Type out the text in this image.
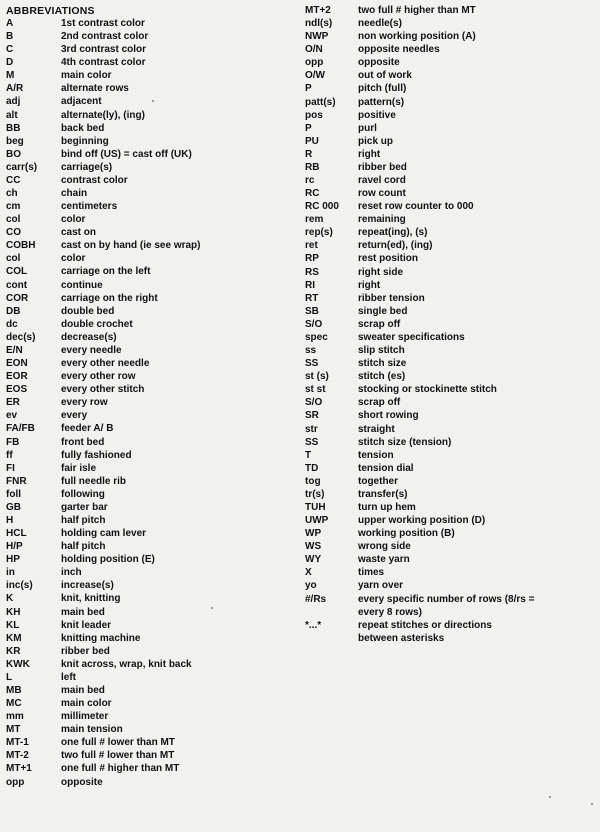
ABBREVIATIONS
A	1st contrast color
B	2nd contrast color
C	3rd contrast color
D	4th contrast color
M	main color
A/R	alternate rows
adj	adjacent
alt	alternate(ly), (ing)
BB	back bed
beg	beginning
BO	bind off (US) = cast off (UK)
carr(s)	carriage(s)
CC	contrast color
ch	chain
cm	centimeters
col	color
CO	cast on
COBH	cast on by hand (ie see wrap)
col	color
COL	carriage on the left
cont	continue
COR	carriage on the right
DB	double bed
dc	double crochet
dec(s)	decrease(s)
E/N	every needle
EON	every other needle
EOR	every other row
EOS	every other stitch
ER	every row
ev	every
FA/FB	feeder A/ B
FB	front bed
ff	fully fashioned
FI	fair isle
FNR	full needle rib
foll	following
GB	garter bar
H	half pitch
HCL	holding cam lever
H/P	half pitch
HP	holding position (E)
in	inch
inc(s)	increase(s)
K	knit, knitting
KH	main bed
KL	knit leader
KM	knitting machine
KR	ribber bed
KWK	knit across, wrap, knit back
L	left
MB	main bed
MC	main color
mm	millimeter
MT	main tension
MT-1	one full # lower than MT
MT-2	two full # lower than MT
MT+1	one full # higher than MT
opp	opposite
MT+2	two full # higher than MT
ndl(s)	needle(s)
NWP	non working position (A)
O/N	opposite needles
opp	opposite
O/W	out of work
P	pitch (full)
patt(s)	pattern(s)
pos	positive
P	purl
PU	pick up
R	right
RB	ribber bed
rc	ravel cord
RC	row count
RC 000	reset row counter to 000
rem	remaining
rep(s)	repeat(ing), (s)
ret	return(ed), (ing)
RP	rest position
RS	right side
RI	right
RT	ribber tension
SB	single bed
S/O	scrap off
spec	sweater specifications
ss	slip stitch
SS	stitch size
st (s)	stitch (es)
st st	stocking or stockinette stitch
S/O	scrap off
SR	short rowing
str	straight
SS	stitch size (tension)
T	tension
TD	tension dial
tog	together
tr(s)	transfer(s)
TUH	turn up hem
UWP	upper working position (D)
WP	working position (B)
WS	wrong side
WY	waste yarn
X	times
yo	yarn over
#/Rs	every specific number of rows (8/rs =
every 8 rows)
*...*	repeat stitches or directions
between asterisks
